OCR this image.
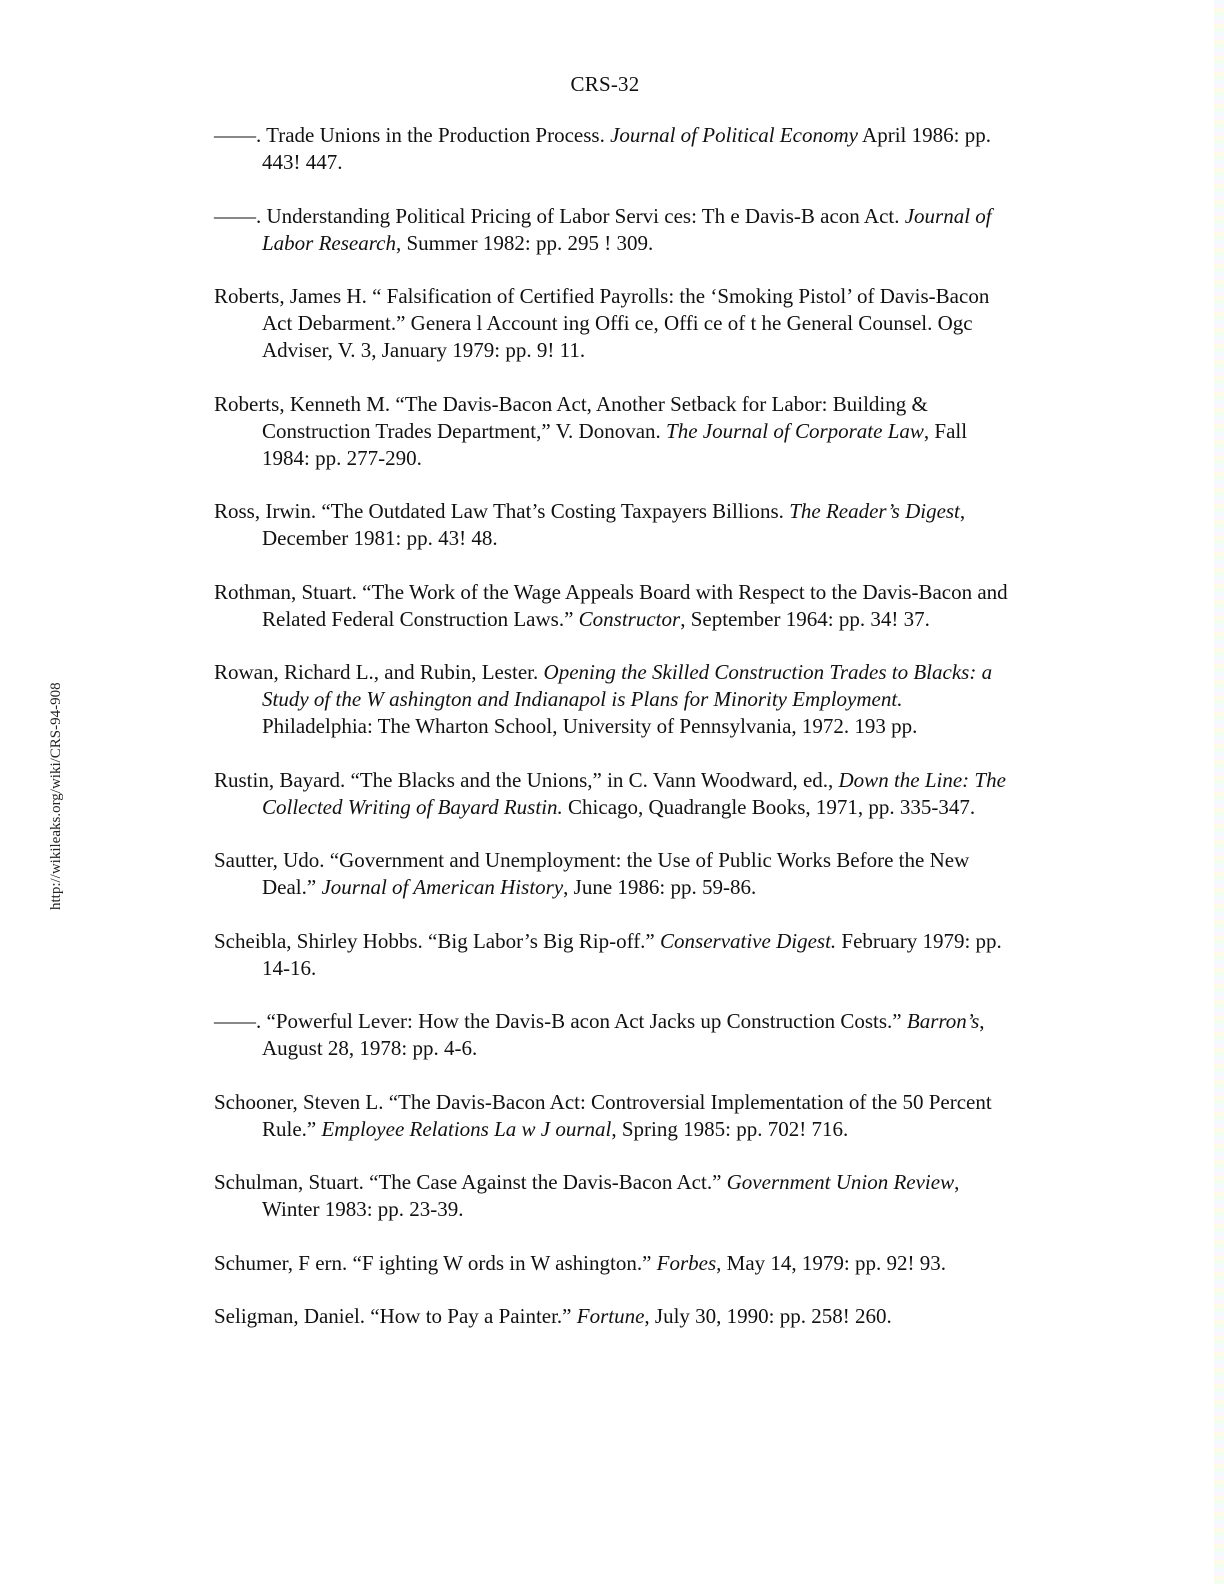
CRS-32
http://wikileaks.org/wiki/CRS-94-908
——. Trade Unions in the Production Process. Journal of Political Economy April 1986: pp. 443! 447.
——. Understanding Political Pricing of Labor Servi ces: Th e Davis-B acon Act. Journal of Labor Research, Summer 1982: pp. 295 ! 309.
Roberts, James H. “ Falsification of Certified Payrolls: the ‘Smoking Pistol’ of Davis-Bacon Act Debarment.” Genera l Account ing Offi ce, Offi ce of t he General Counsel. Ogc Adviser, V. 3, January 1979: pp. 9! 11.
Roberts, Kenneth M. “The Davis-Bacon Act, Another Setback for Labor: Building & Construction Trades Department,” V. Donovan. The Journal of Corporate Law, Fall 1984: pp. 277-290.
Ross, Irwin. “The Outdated Law That’s Costing Taxpayers Billions. The Reader’s Digest, December 1981: pp. 43! 48.
Rothman, Stuart. “The Work of the Wage Appeals Board with Respect to the Davis-Bacon and Related Federal Construction Laws.” Constructor, September 1964: pp. 34! 37.
Rowan, Richard L., and Rubin, Lester. Opening the Skilled Construction Trades to Blacks: a Study of the W ashington and Indianapol is Plans for Minority Employment. Philadelphia: The Wharton School, University of Pennsylvania, 1972. 193 pp.
Rustin, Bayard. “The Blacks and the Unions,” in C. Vann Woodward, ed., Down the Line: The Collected Writing of Bayard Rustin. Chicago, Quadrangle Books, 1971, pp. 335-347.
Sautter, Udo. “Government and Unemployment: the Use of Public Works Before the New Deal.” Journal of American History, June 1986: pp. 59-86.
Scheibla, Shirley Hobbs. “Big Labor’s Big Rip-off.” Conservative Digest. February 1979: pp. 14-16.
——. “Powerful Lever: How the Davis-B acon Act Jacks up Construction Costs.” Barron’s, August 28, 1978: pp. 4-6.
Schooner, Steven L. “The Davis-Bacon Act: Controversial Implementation of the 50 Percent Rule.” Employee Relations La w J ournal, Spring 1985: pp. 702! 716.
Schulman, Stuart. “The Case Against the Davis-Bacon Act.” Government Union Review, Winter 1983: pp. 23-39.
Schumer, F ern. “F ighting W ords in W ashington.” Forbes, May 14, 1979: pp. 92! 93.
Seligman, Daniel. “How to Pay a Painter.” Fortune, July 30, 1990: pp. 258! 260.
